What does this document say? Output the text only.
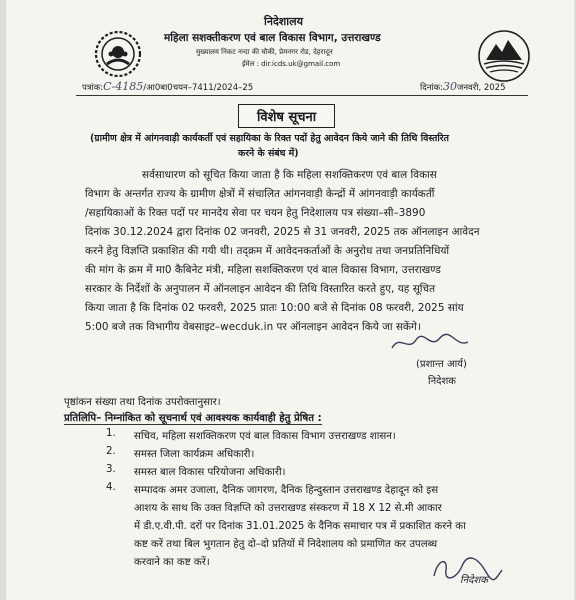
निदेशालय
महिला सशक्तीकरण एवं बाल विकास विभाग, उत्तराखण्ड
मुख्यालय निकट नन्दा की चौकी, प्रेमनगर रोड, देहरादून
ईमेल : dir.icds.uk@gmail.com
पत्रांक:C-4185/आ0बा0चयन–7411/2024–25	दिनांक:30जनवरी, 2025
विशेष सूचना
(ग्रामीण क्षेत्र में आंगनवाड़ी कार्यकर्ती एवं सहायिका के रिक्त पदों हेतु आवेदन किये जाने की तिथि विस्तरित
करने के संबंध में)
सर्वसाधारण को सूचित किया जाता है कि महिला सशक्तिकरण एवं बाल विकास
विभाग के अन्तर्गत राज्य के ग्रामीण क्षेत्रों में संचालित आंगनवाड़ी केन्द्रों में आंगनवाड़ी कार्यकर्ती
/सहायिकाओं के रिक्त पदों पर मानदेय सेवा पर चयन हेतु निदेशालय पत्र संख्या–सी–3890
दिनांक 30.12.2024 द्वारा दिनांक 02 जनवरी, 2025 से 31 जनवरी, 2025 तक ऑनलाइन आवेदन
करने हेतु विज्ञप्ति प्रकाशित की गयी थी। तद्क्रम में आवेदनकर्ताओं के अनुरोध तथा जनप्रतिनिधियों
की मांग के क्रम में मा0 कैबिनेट मंत्री, महिला सशक्तिकरण एवं बाल विकास विभाग, उत्तराखण्ड
सरकार के निर्देशों के अनुपालन में ऑनलाइन आवेदन की तिथि विस्तारित करते हुए, यह सूचित
किया जाता है कि दिनांक 02 फरवरी, 2025 प्रातः 10:00 बजे से दिनांक 08 फरवरी, 2025 सांय
5:00 बजे तक विभागीय वेबसाइट–wecduk.in पर ऑनलाइन आवेदन किये जा सकेंगे।
(प्रशान्त आर्य)
निदेशक
पृष्ठांकन संख्या तथा दिनांक उपरोक्तानुसार।
प्रतिलिपि– निम्नांकित को सूचनार्थ एवं आवश्यक कार्यवाही हेतु प्रेषित :
1. सचिव, महिला सशक्तिकरण एवं बाल विकास विभाग उत्तराखण्ड शासन।
2. समस्त जिला कार्यक्रम अधिकारी।
3. समस्त बाल विकास परियोजना अधिकारी।
4. सम्पादक अमर उजाला, दैनिक जागरण, दैनिक हिन्दुस्तान उत्तराखण्ड देहादून को इस
आशय के साथ कि उक्त विज्ञप्ति को उत्तराखण्ड संस्करण में 18 X 12 से.मी आकार
में डी.ए.वी.पी. दरों पर दिनांक 31.01.2025 के दैनिक समाचार पत्र में प्रकाशित करने का
कष्ट करें तथा बिल भुगतान हेतु दो–दो प्रतियों में निदेशालय को प्रमाणित कर उपलब्ध
करवाने का कष्ट करें।
निदेशक
